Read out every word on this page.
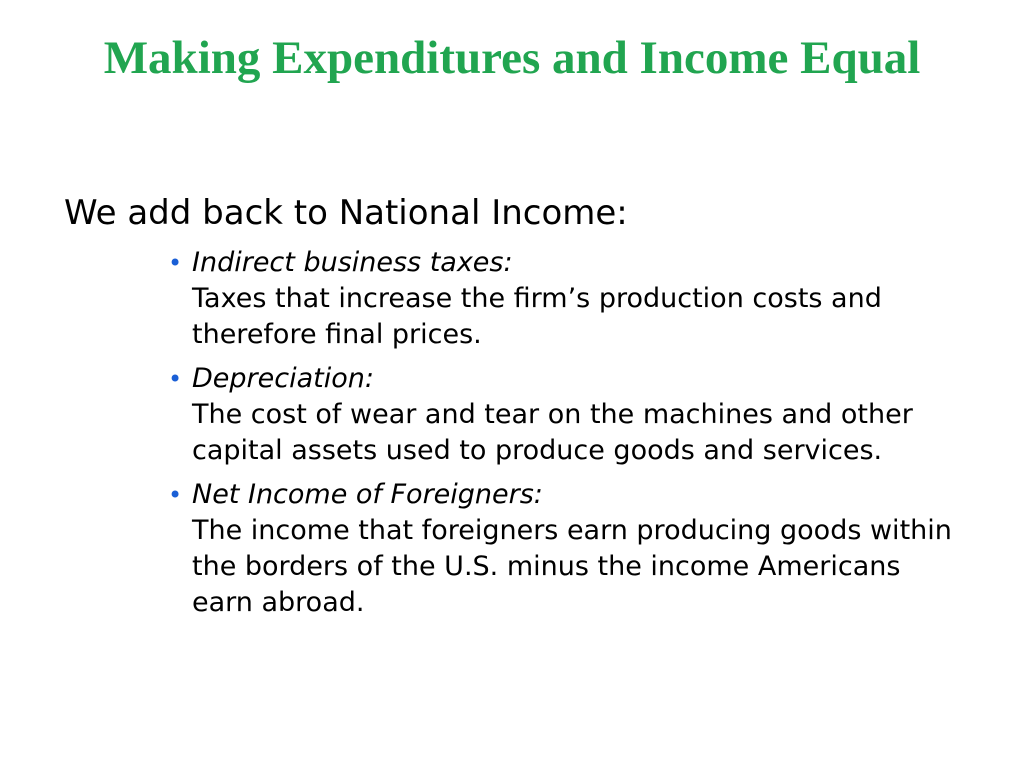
Making Expenditures and Income Equal
We add back to National Income:
• Indirect business taxes:
Taxes that increase the firm’s production costs and therefore final prices.
• Depreciation:
The cost of wear and tear on the machines and other capital assets used to produce goods and services.
• Net Income of Foreigners:
The income that foreigners earn producing goods within the borders of the U.S. minus the income Americans earn abroad.
